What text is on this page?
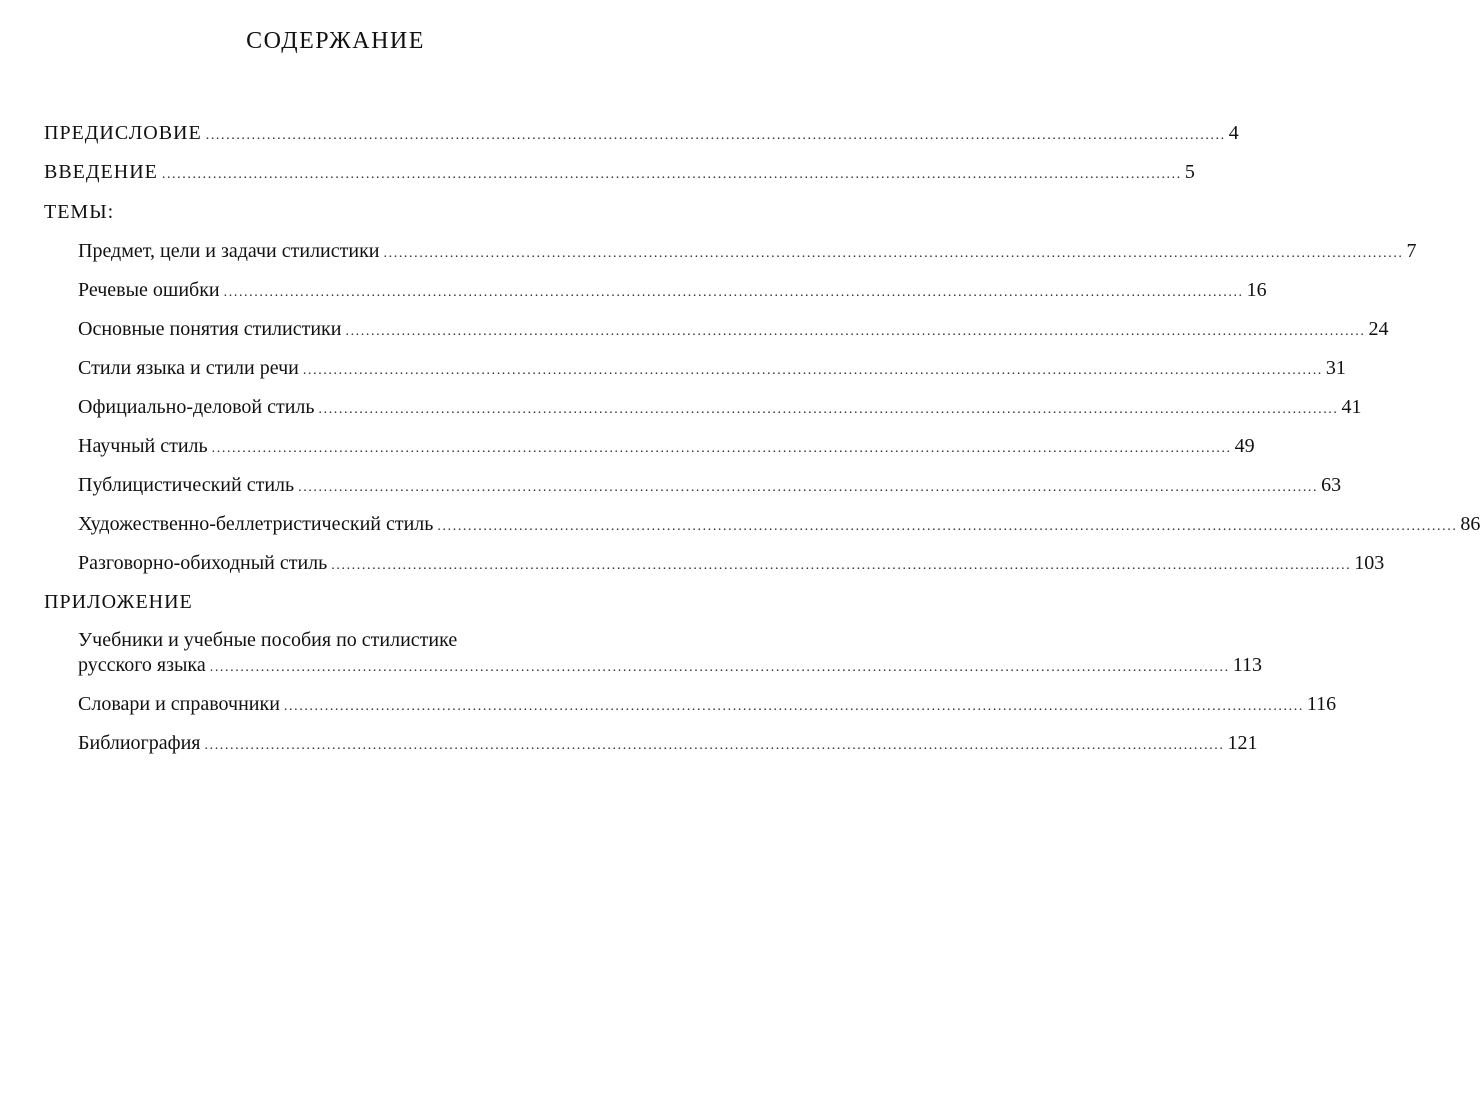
СОДЕРЖАНИЕ
ПРЕДИСЛОВИЕ ........................................................................................................................................................................................................ 4
ВВЕДЕНИЕ ........................................................................................................................................................................................................ 5
ТЕМЫ:
Предмет, цели и задачи стилистики ........................................................................................................................................................................................................ 7
Речевые ошибки ........................................................................................................................................................................................................ 16
Основные понятия стилистики ........................................................................................................................................................................................................ 24
Стили языка и стили речи ........................................................................................................................................................................................................ 31
Официально-деловой стиль ........................................................................................................................................................................................................ 41
Научный стиль ........................................................................................................................................................................................................ 49
Публицистический стиль ........................................................................................................................................................................................................ 63
Художественно-беллетристический стиль ........................................................................................................................................................................................................ 86
Разговорно-обиходный стиль ........................................................................................................................................................................................................ 103
ПРИЛОЖЕНИЕ
Учебники и учебные пособия по стилистике
русского языка ........................................................................................................................................................................................................ 113
Словари и справочники ........................................................................................................................................................................................................ 116
Библиография ........................................................................................................................................................................................................ 121
